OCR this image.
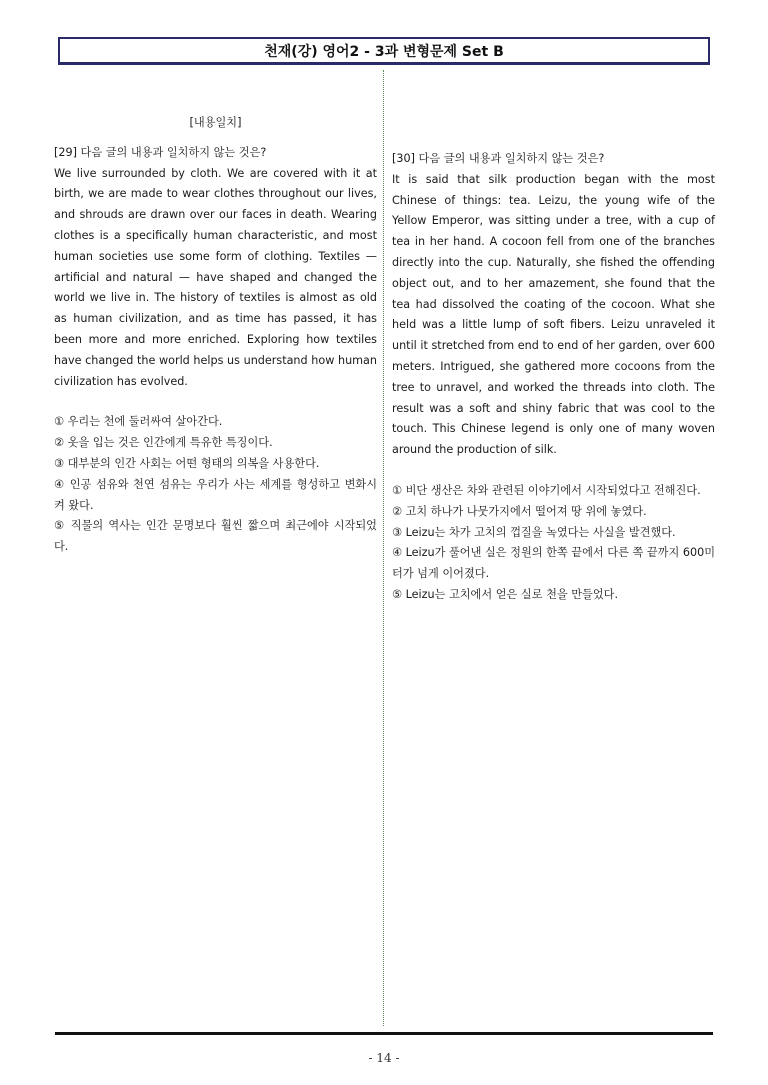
천재(강) 영어2 - 3과 변형문제 Set B

[내용일치]

[29] 다음 글의 내용과 일치하지 않는 것은?

We live surrounded by cloth. We are covered with it at birth, we are made to wear clothes throughout our lives, and shrouds are drawn over our faces in death. Wearing clothes is a specifically human characteristic, and most human societies use some form of clothing. Textiles — artificial and natural — have shaped and changed the world we live in. The history of textiles is almost as old as human civilization, and as time has passed, it has been more and more enriched. Exploring how textiles have changed the world helps us understand how human civilization has evolved.

① 우리는 천에 둘러싸여 살아간다.
② 옷을 입는 것은 인간에게 특유한 특징이다.
③ 대부분의 인간 사회는 어떤 형태의 의복을 사용한다.
④ 인공 섬유와 천연 섬유는 우리가 사는 세계를 형성하고 변화시켜 왔다.
⑤ 직물의 역사는 인간 문명보다 훨씬 짧으며 최근에야 시작되었다.

[30] 다음 글의 내용과 일치하지 않는 것은?

It is said that silk production began with the most Chinese of things: tea. Leizu, the young wife of the Yellow Emperor, was sitting under a tree, with a cup of tea in her hand. A cocoon fell from one of the branches directly into the cup. Naturally, she fished the offending object out, and to her amazement, she found that the tea had dissolved the coating of the cocoon. What she held was a little lump of soft fibers. Leizu unraveled it until it stretched from end to end of her garden, over 600 meters. Intrigued, she gathered more cocoons from the tree to unravel, and worked the threads into cloth. The result was a soft and shiny fabric that was cool to the touch. This Chinese legend is only one of many woven around the production of silk.

① 비단 생산은 차와 관련된 이야기에서 시작되었다고 전해진다.
② 고치 하나가 나뭇가지에서 떨어져 땅 위에 놓였다.
③ Leizu는 차가 고치의 껍질을 녹였다는 사실을 발견했다.
④ Leizu가 풀어낸 실은 정원의 한쪽 끝에서 다른 쪽 끝까지 600미터가 넘게 이어졌다.
⑤ Leizu는 고치에서 얻은 실로 천을 만들었다.
- 14 -
